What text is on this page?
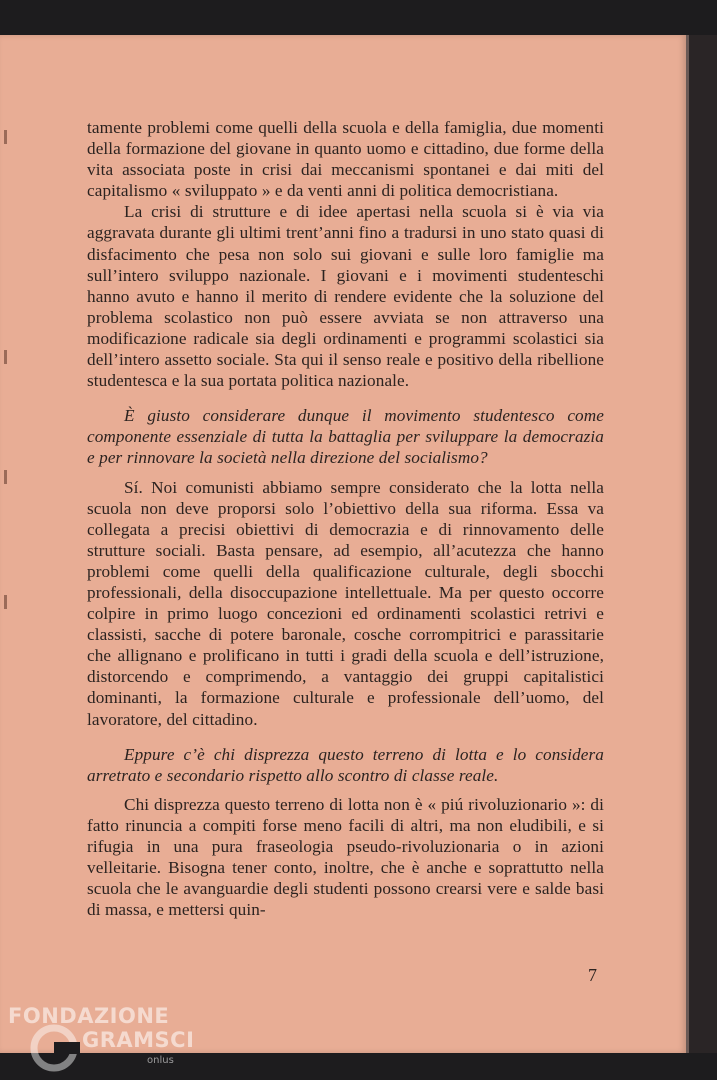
tamente problemi come quelli della scuola e della famiglia, due momenti della formazione del giovane in quanto uomo e cittadino, due forme della vita associata poste in crisi dai meccanismi spontanei e dai miti del capitalismo « sviluppato » e da venti anni di politica democristiana.

La crisi di strutture e di idee apertasi nella scuola si è via via aggravata durante gli ultimi trent’anni fino a tradursi in uno stato quasi di disfacimento che pesa non solo sui giovani e sulle loro famiglie ma sull’intero sviluppo nazionale. I giovani e i movimenti studenteschi hanno avuto e hanno il merito di rendere evidente che la soluzione del problema scolastico non può essere avviata se non attraverso una modificazione radicale sia degli ordinamenti e programmi scolastici sia dell’intero assetto sociale. Sta qui il senso reale e positivo della ribellione studentesca e la sua portata politica nazionale.

È giusto considerare dunque il movimento studentesco come componente essenziale di tutta la battaglia per sviluppare la democrazia e per rinnovare la società nella direzione del socialismo?

Sí. Noi comunisti abbiamo sempre considerato che la lotta nella scuola non deve proporsi solo l’obiettivo della sua riforma. Essa va collegata a precisi obiettivi di democrazia e di rinnovamento delle strutture sociali. Basta pensare, ad esempio, all’acutezza che hanno problemi come quelli della qualificazione culturale, degli sbocchi professionali, della disoccupazione intellettuale. Ma per questo occorre colpire in primo luogo concezioni ed ordinamenti scolastici retrivi e classisti, sacche di potere baronale, cosche corrompitrici e parassitarie che allignano e prolificano in tutti i gradi della scuola e dell’istruzione, distorcendo e comprimendo, a vantaggio dei gruppi capitalistici dominanti, la formazione culturale e professionale dell’uomo, del lavoratore, del cittadino.

Eppure c’è chi disprezza questo terreno di lotta e lo considera arretrato e secondario rispetto allo scontro di classe reale.

Chi disprezza questo terreno di lotta non è « piú rivoluzionario »: di fatto rinuncia a compiti forse meno facili di altri, ma non eludibili, e si rifugia in una pura fraseologia pseudo-rivoluzionaria o in azioni velleitarie. Bisogna tener conto, inoltre, che è anche e soprattutto nella scuola che le avanguardie degli studenti possono crearsi vere e salde basi di massa, e mettersi quin-

7
FONDAZIONE
GRAMSCI
onlus
